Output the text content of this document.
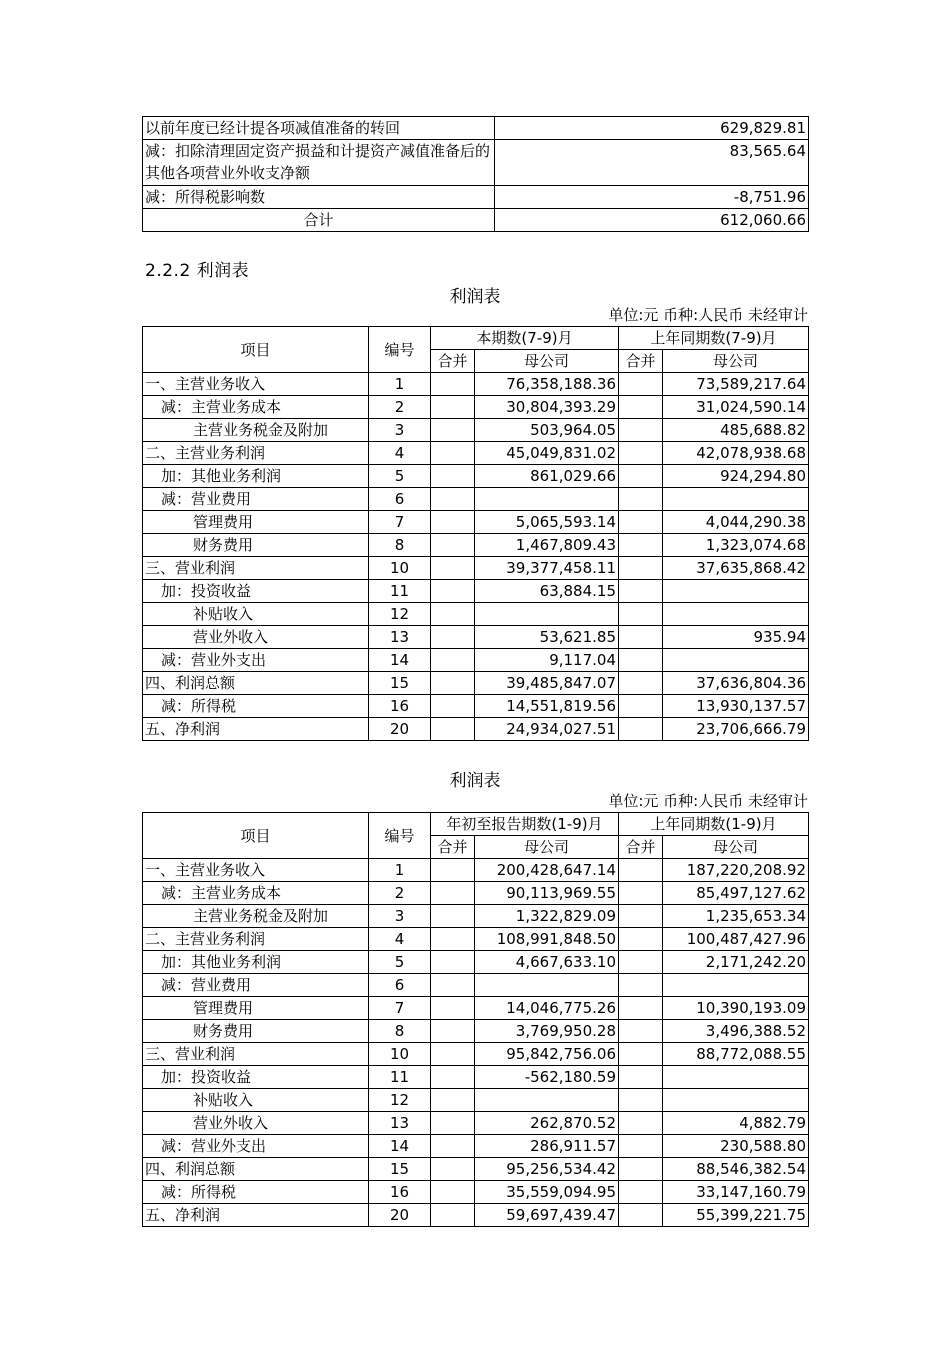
以前年度已经计提各项减值准备的转回	629,829.81
减：扣除清理固定资产损益和计提资产减值准备后的其他各项营业外收支净额	83,565.64
减：所得税影响数	-8,751.96
合计	612,060.66
2.2.2 利润表
利润表
单位:元 币种:人民币 未经审计
项目	编号	本期数(7-9)月		上年同期数(7-9)月	
		合并	母公司	合并	母公司
一、主营业务收入	1		76,358,188.36		73,589,217.64
减：主营业务成本	2		30,804,393.29		31,024,590.14
主营业务税金及附加	3		503,964.05		485,688.82
二、主营业务利润	4		45,049,831.02		42,078,938.68
加：其他业务利润	5		861,029.66		924,294.80
减：营业费用	6				
管理费用	7		5,065,593.14		4,044,290.38
财务费用	8		1,467,809.43		1,323,074.68
三、营业利润	10		39,377,458.11		37,635,868.42
加：投资收益	11		63,884.15		
补贴收入	12				
营业外收入	13		53,621.85		935.94
减：营业外支出	14		9,117.04		
四、利润总额	15		39,485,847.07		37,636,804.36
减：所得税	16		14,551,819.56		13,930,137.57
五、净利润	20		24,934,027.51		23,706,666.79
利润表
单位:元 币种:人民币 未经审计
项目	编号	年初至报告期数(1-9)月		上年同期数(1-9)月	
		合并	母公司	合并	母公司
一、主营业务收入	1		200,428,647.14		187,220,208.92
减：主营业务成本	2		90,113,969.55		85,497,127.62
主营业务税金及附加	3		1,322,829.09		1,235,653.34
二、主营业务利润	4		108,991,848.50		100,487,427.96
加：其他业务利润	5		4,667,633.10		2,171,242.20
减：营业费用	6				
管理费用	7		14,046,775.26		10,390,193.09
财务费用	8		3,769,950.28		3,496,388.52
三、营业利润	10		95,842,756.06		88,772,088.55
加：投资收益	11		-562,180.59		
补贴收入	12				
营业外收入	13		262,870.52		4,882.79
减：营业外支出	14		286,911.57		230,588.80
四、利润总额	15		95,256,534.42		88,546,382.54
减：所得税	16		35,559,094.95		33,147,160.79
五、净利润	20		59,697,439.47		55,399,221.75
